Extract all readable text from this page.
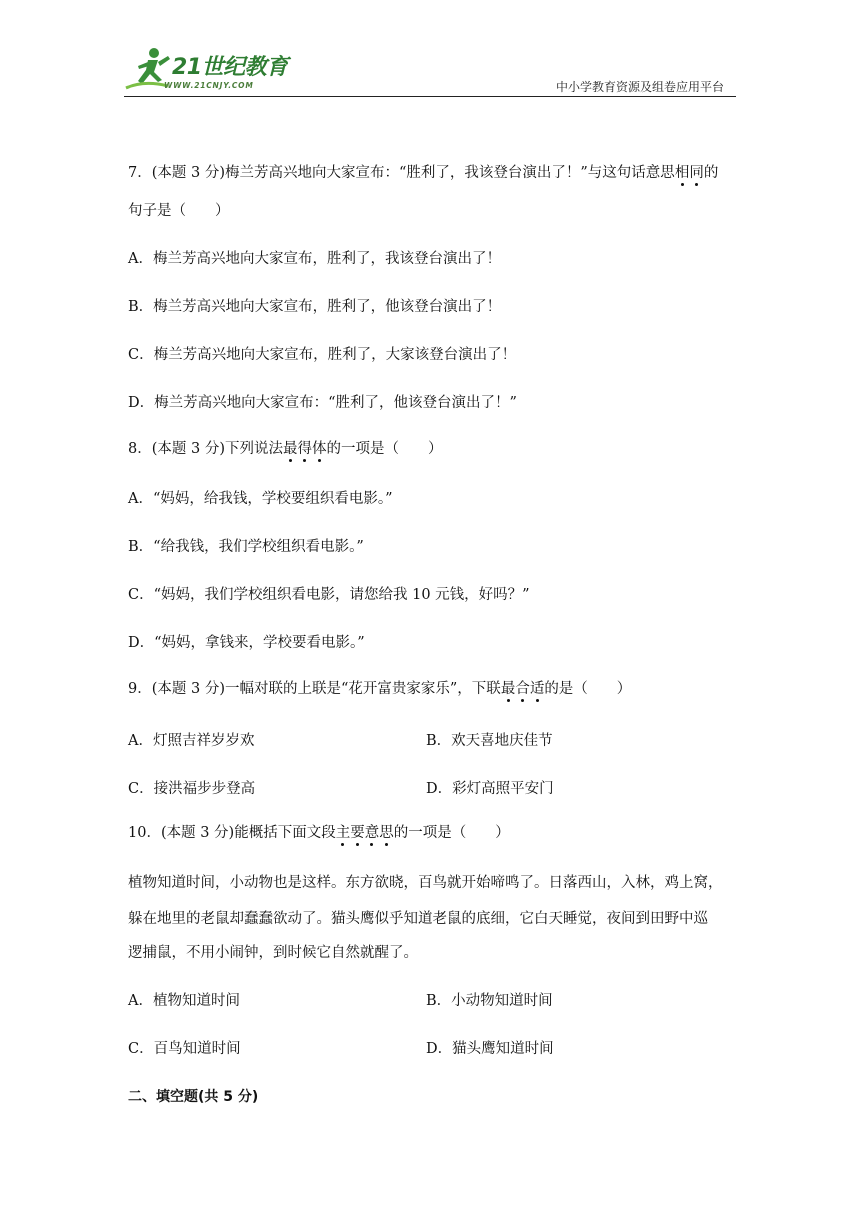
21世纪教育
WWW.21CNJY.COM	中小学教育资源及组卷应用平台
7．(本题 3 分)梅兰芳高兴地向大家宣布：“胜利了，我该登台演出了！”与这句话意思相同的
句子是（　　）
A．梅兰芳高兴地向大家宣布，胜利了，我该登台演出了！
B．梅兰芳高兴地向大家宣布，胜利了，他该登台演出了！
C．梅兰芳高兴地向大家宣布，胜利了，大家该登台演出了！
D．梅兰芳高兴地向大家宣布：“胜利了，他该登台演出了！”
8．(本题 3 分)下列说法最得体的一项是（　　）
A．“妈妈，给我钱，学校要组织看电影。”
B．“给我钱，我们学校组织看电影。”
C．“妈妈，我们学校组织看电影，请您给我 10 元钱，好吗？”
D．“妈妈，拿钱来，学校要看电影。”
9．(本题 3 分)一幅对联的上联是“花开富贵家家乐”，下联最合适的是（　　）
A．灯照吉祥岁岁欢	B．欢天喜地庆佳节
C．接洪福步步登高	D．彩灯高照平安门
10．(本题 3 分)能概括下面文段主要意思的一项是（　　）
植物知道时间，小动物也是这样。东方欲晓，百鸟就开始啼鸣了。日落西山，入林，鸡上窝，
躲在地里的老鼠却蠢蠢欲动了。猫头鹰似乎知道老鼠的底细，它白天睡觉，夜间到田野中巡
逻捕鼠，不用小闹钟，到时候它自然就醒了。
A．植物知道时间	B．小动物知道时间
C．百鸟知道时间	D．猫头鹰知道时间
二、填空题(共 5 分)
